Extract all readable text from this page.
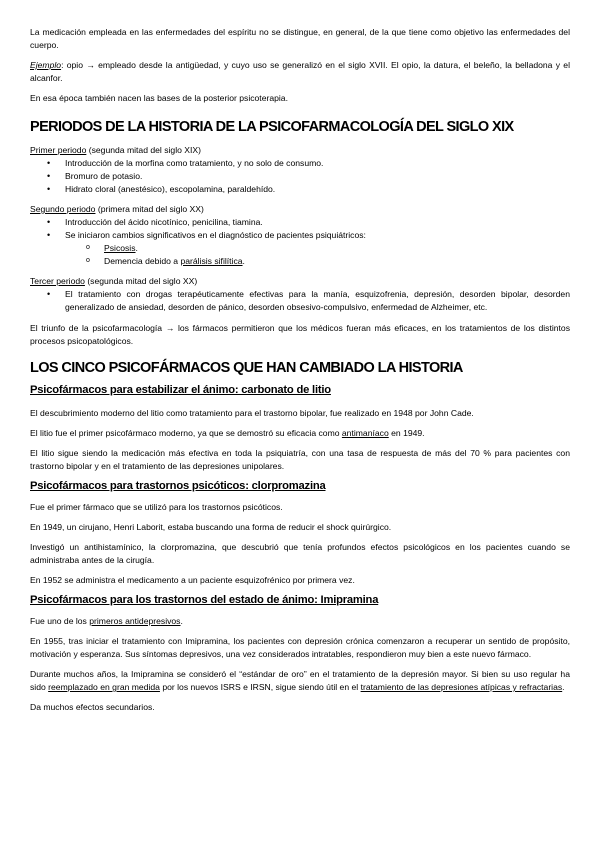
La medicación empleada en las enfermedades del espíritu no se distingue, en general, de la que tiene como objetivo las enfermedades del cuerpo.

Ejemplo: opio → empleado desde la antigüedad, y cuyo uso se generalizó en el siglo XVII. El opio, la datura, el beleño, la belladona y el alcanfor.

En esa época también nacen las bases de la posterior psicoterapia.

PERIODOS DE LA HISTORIA DE LA PSICOFARMACOLOGÍA DEL SIGLO XIX

Primer periodo (segunda mitad del siglo XIX)

• Introducción de la morfina como tratamiento, y no solo de consumo.
• Bromuro de potasio.
• Hidrato cloral (anestésico), escopolamina, paraldehído.

Segundo periodo (primera mitad del siglo XX)

• Introducción del ácido nicotínico, penicilina, tiamina.
• Se iniciaron cambios significativos en el diagnóstico de pacientes psiquiátricos:
o Psicosis.
o Demencia debido a parálisis sifilítica.

Tercer periodo (segunda mitad del siglo XX)

• El tratamiento con drogas terapéuticamente efectivas para la manía, esquizofrenia, depresión, desorden bipolar, desorden generalizado de ansiedad, desorden de pánico, desorden obsesivo-compulsivo, enfermedad de Alzheimer, etc.

El triunfo de la psicofarmacología → los fármacos permitieron que los médicos fueran más eficaces, en los tratamientos de los distintos procesos psicopatológicos.

LOS CINCO PSICOFÁRMACOS QUE HAN CAMBIADO LA HISTORIA
Psicofármacos para estabilizar el ánimo: carbonato de litio

El descubrimiento moderno del litio como tratamiento para el trastorno bipolar, fue realizado en 1948 por John Cade.

El litio fue el primer psicofármaco moderno, ya que se demostró su eficacia como antimaníaco en 1949.

El litio sigue siendo la medicación más efectiva en toda la psiquiatría, con una tasa de respuesta de más del 70 % para pacientes con trastorno bipolar y en el tratamiento de las depresiones unipolares.

Psicofármacos para trastornos psicóticos: clorpromazina

Fue el primer fármaco que se utilizó para los trastornos psicóticos.

En 1949, un cirujano, Henri Laborit, estaba buscando una forma de reducir el shock quirúrgico.

Investigó un antihistamínico, la clorpromazina, que descubrió que tenía profundos efectos psicológicos en los pacientes cuando se administraba antes de la cirugía.

En 1952 se administra el medicamento a un paciente esquizofrénico por primera vez.

Psicofármacos para los trastornos del estado de ánimo: Imipramina

Fue uno de los primeros antidepresivos.

En 1955, tras iniciar el tratamiento con Imipramina, los pacientes con depresión crónica comenzaron a recuperar un sentido de propósito, motivación y esperanza. Sus síntomas depresivos, una vez considerados intratables, respondieron muy bien a este nuevo fármaco.

Durante muchos años, la Imipramina se consideró el “estándar de oro” en el tratamiento de la depresión mayor. Si bien su uso regular ha sido reemplazado en gran medida por los nuevos ISRS e IRSN, sigue siendo útil en el tratamiento de las depresiones atípicas y refractarias.

Da muchos efectos secundarios.
